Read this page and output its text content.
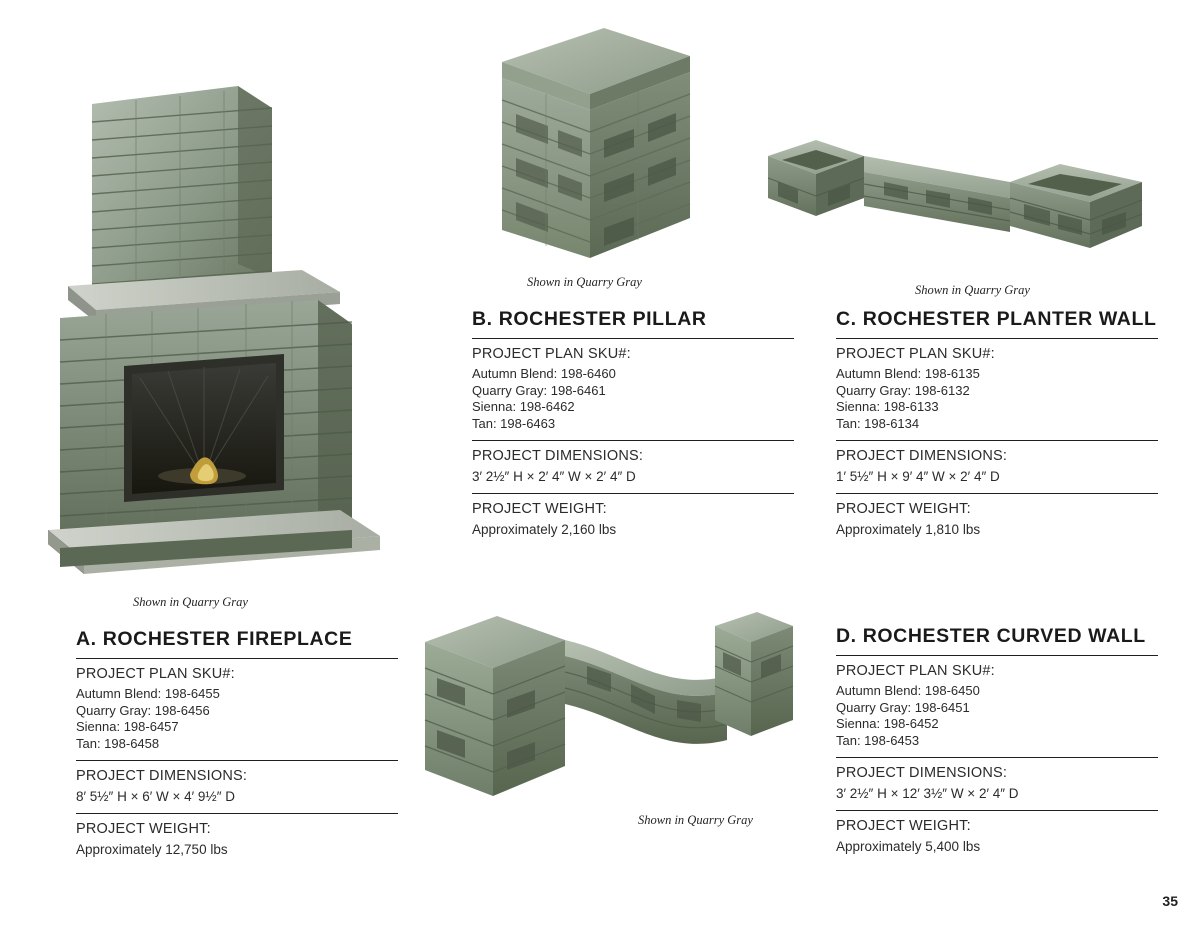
Shown in Quarry Gray
Shown in Quarry Gray
Shown in Quarry Gray
Shown in Quarry Gray
B. ROCHESTER PILLAR
PROJECT PLAN SKU#:
Autumn Blend: 198-6460
Quarry Gray: 198-6461
Sienna: 198-6462
Tan: 198-6463
PROJECT DIMENSIONS:
3′ 2½″ H × 2′ 4″ W × 2′ 4″ D
PROJECT WEIGHT:
Approximately 2,160 lbs
C. ROCHESTER PLANTER WALL
PROJECT PLAN SKU#:
Autumn Blend: 198-6135
Quarry Gray: 198-6132
Sienna: 198-6133
Tan: 198-6134
PROJECT DIMENSIONS:
1′ 5½″ H × 9′ 4″ W × 2′ 4″ D
PROJECT WEIGHT:
Approximately 1,810 lbs
A. ROCHESTER FIREPLACE
PROJECT PLAN SKU#:
Autumn Blend: 198-6455
Quarry Gray: 198-6456
Sienna: 198-6457
Tan: 198-6458
PROJECT DIMENSIONS:
8′ 5½″ H × 6′ W × 4′ 9½″ D
PROJECT WEIGHT:
Approximately 12,750 lbs
D. ROCHESTER CURVED WALL
PROJECT PLAN SKU#:
Autumn Blend: 198-6450
Quarry Gray: 198-6451
Sienna: 198-6452
Tan: 198-6453
PROJECT DIMENSIONS:
3′ 2½″ H × 12′ 3½″ W × 2′ 4″ D
PROJECT WEIGHT:
Approximately 5,400 lbs
35
